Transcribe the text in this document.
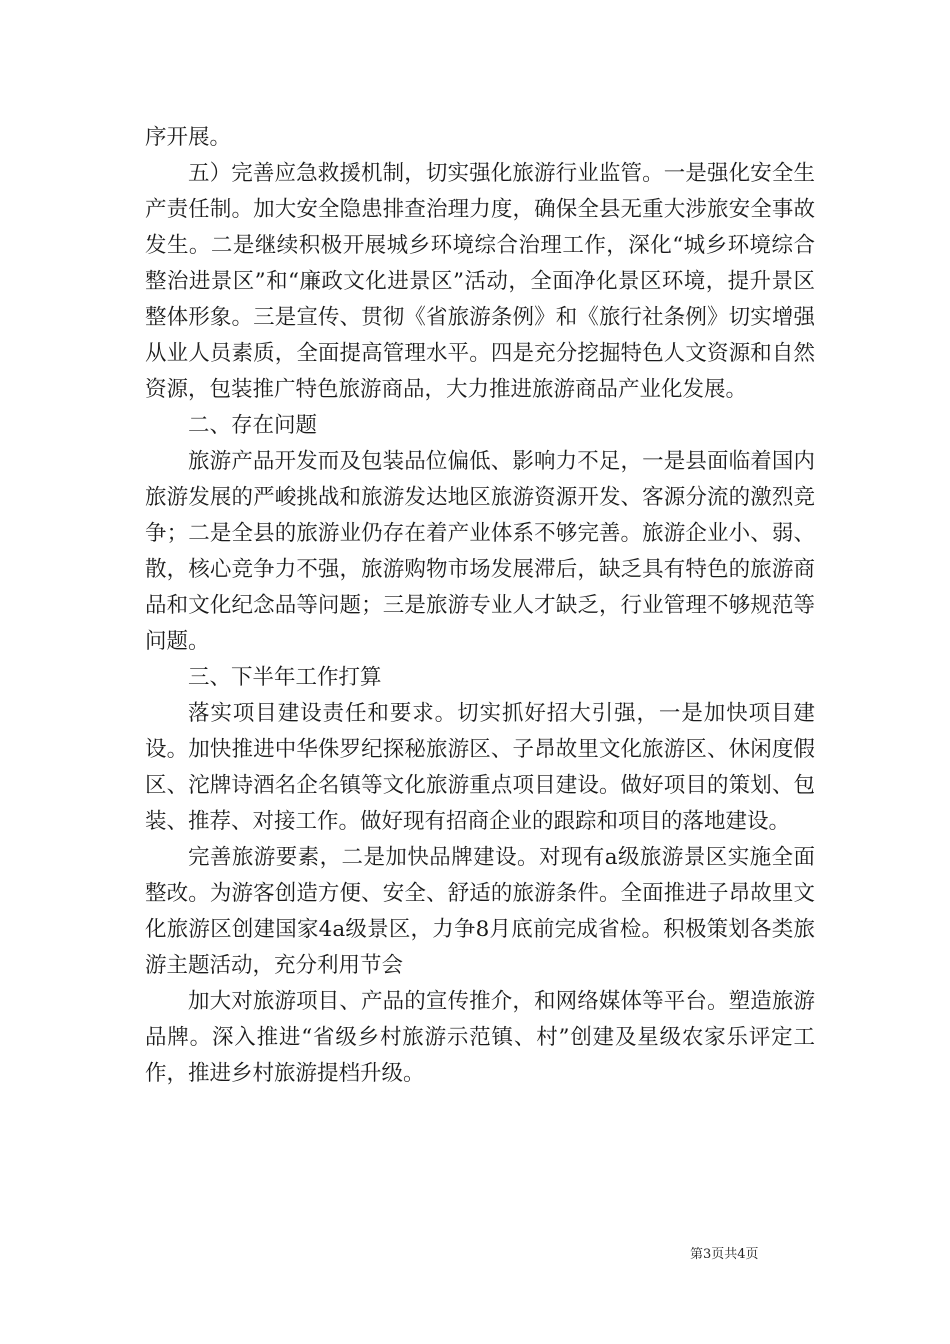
序开展。

五）完善应急救援机制，切实强化旅游行业监管。一是强化安全生产责任制。加大安全隐患排查治理力度，确保全县无重大涉旅安全事故发生。二是继续积极开展城乡环境综合治理工作，深化“城乡环境综合整治进景区”和“廉政文化进景区”活动，全面净化景区环境，提升景区整体形象。三是宣传、贯彻《省旅游条例》和《旅行社条例》切实增强从业人员素质，全面提高管理水平。四是充分挖掘特色人文资源和自然资源，包装推广特色旅游商品，大力推进旅游商品产业化发展。

二、存在问题

旅游产品开发而及包装品位偏低、影响力不足，一是县面临着国内旅游发展的严峻挑战和旅游发达地区旅游资源开发、客源分流的激烈竞争；二是全县的旅游业仍存在着产业体系不够完善。旅游企业小、弱、散，核心竞争力不强，旅游购物市场发展滞后，缺乏具有特色的旅游商品和文化纪念品等问题；三是旅游专业人才缺乏，行业管理不够规范等问题。

三、下半年工作打算

落实项目建设责任和要求。切实抓好招大引强，一是加快项目建设。加快推进中华侏罗纪探秘旅游区、子昂故里文化旅游区、休闲度假区、沱牌诗酒名企名镇等文化旅游重点项目建设。做好项目的策划、包装、推荐、对接工作。做好现有招商企业的跟踪和项目的落地建设。

完善旅游要素，二是加快品牌建设。对现有a级旅游景区实施全面整改。为游客创造方便、安全、舒适的旅游条件。全面推进子昂故里文化旅游区创建国家4a级景区，力争8月底前完成省检。积极策划各类旅游主题活动，充分利用节会

加大对旅游项目、产品的宣传推介，和网络媒体等平台。塑造旅游品牌。深入推进“省级乡村旅游示范镇、村”创建及星级农家乐评定工作，推进乡村旅游提档升级。

第3页共4页
